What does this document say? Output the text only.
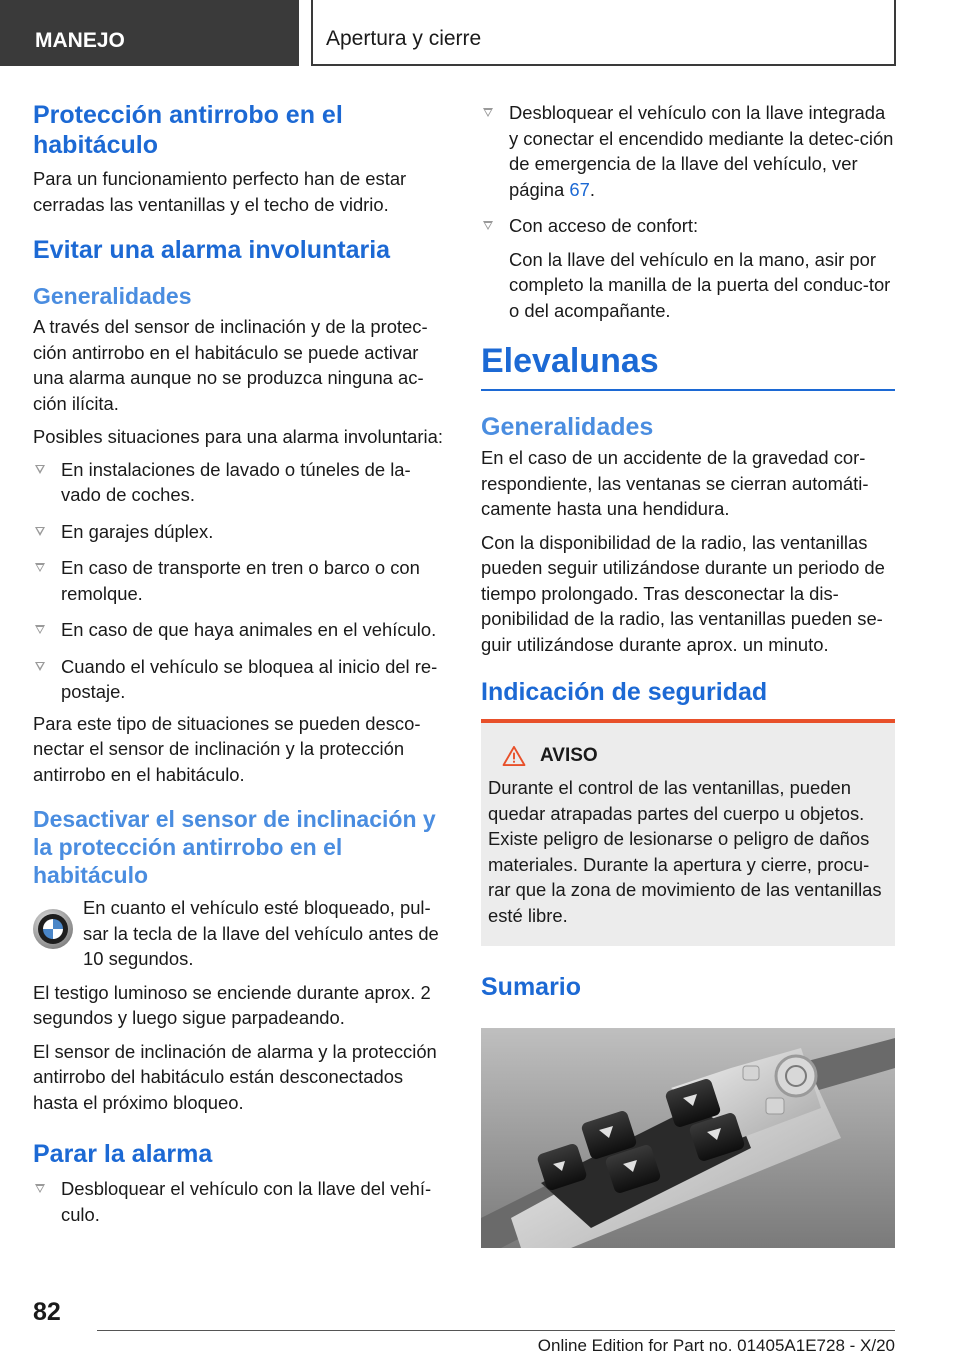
MANEJO	Apertura y cierre
Protección antirrobo en el habitáculo
Para un funcionamiento perfecto han de estar cerradas las ventanillas y el techo de vidrio.
Evitar una alarma involuntaria
Generalidades
A través del sensor de inclinación y de la protec-ción antirrobo en el habitáculo se puede activar una alarma aunque no se produzca ninguna ac-ción ilícita.
Posibles situaciones para una alarma involuntaria:
En instalaciones de lavado o túneles de la-vado de coches.
En garajes dúplex.
En caso de transporte en tren o barco o con remolque.
En caso de que haya animales en el vehículo.
Cuando el vehículo se bloquea al inicio del re-postaje.
Para este tipo de situaciones se pueden desco-nectar el sensor de inclinación y la protección antirrobo en el habitáculo.
Desactivar el sensor de inclinación y la protección antirrobo en el habitáculo
En cuanto el vehículo esté bloqueado, pul-sar la tecla de la llave del vehículo antes de 10 segundos.
El testigo luminoso se enciende durante aprox. 2 segundos y luego sigue parpadeando.
El sensor de inclinación de alarma y la protección antirrobo del habitáculo están desconectados hasta el próximo bloqueo.
Parar la alarma
Desbloquear el vehículo con la llave del vehí-culo.
Desbloquear el vehículo con la llave integrada y conectar el encendido mediante la detec-ción de emergencia de la llave del vehículo, ver página 67.
Con acceso de confort:
Con la llave del vehículo en la mano, asir por completo la manilla de la puerta del conduc-tor o del acompañante.
Elevalunas
Generalidades
En el caso de un accidente de la gravedad cor-respondiente, las ventanas se cierran automáti-camente hasta una hendidura.
Con la disponibilidad de la radio, las ventanillas pueden seguir utilizándose durante un periodo de tiempo prolongado. Tras desconectar la dis-ponibilidad de la radio, las ventanillas pueden se-guir utilizándose durante aprox. un minuto.
Indicación de seguridad
AVISO
Durante el control de las ventanillas, pueden quedar atrapadas partes del cuerpo u objetos. Existe peligro de lesionarse o peligro de daños materiales. Durante la apertura y cierre, procu-rar que la zona de movimiento de las ventanillas esté libre.
Sumario
82
Online Edition for Part no. 01405A1E728 - X/20
